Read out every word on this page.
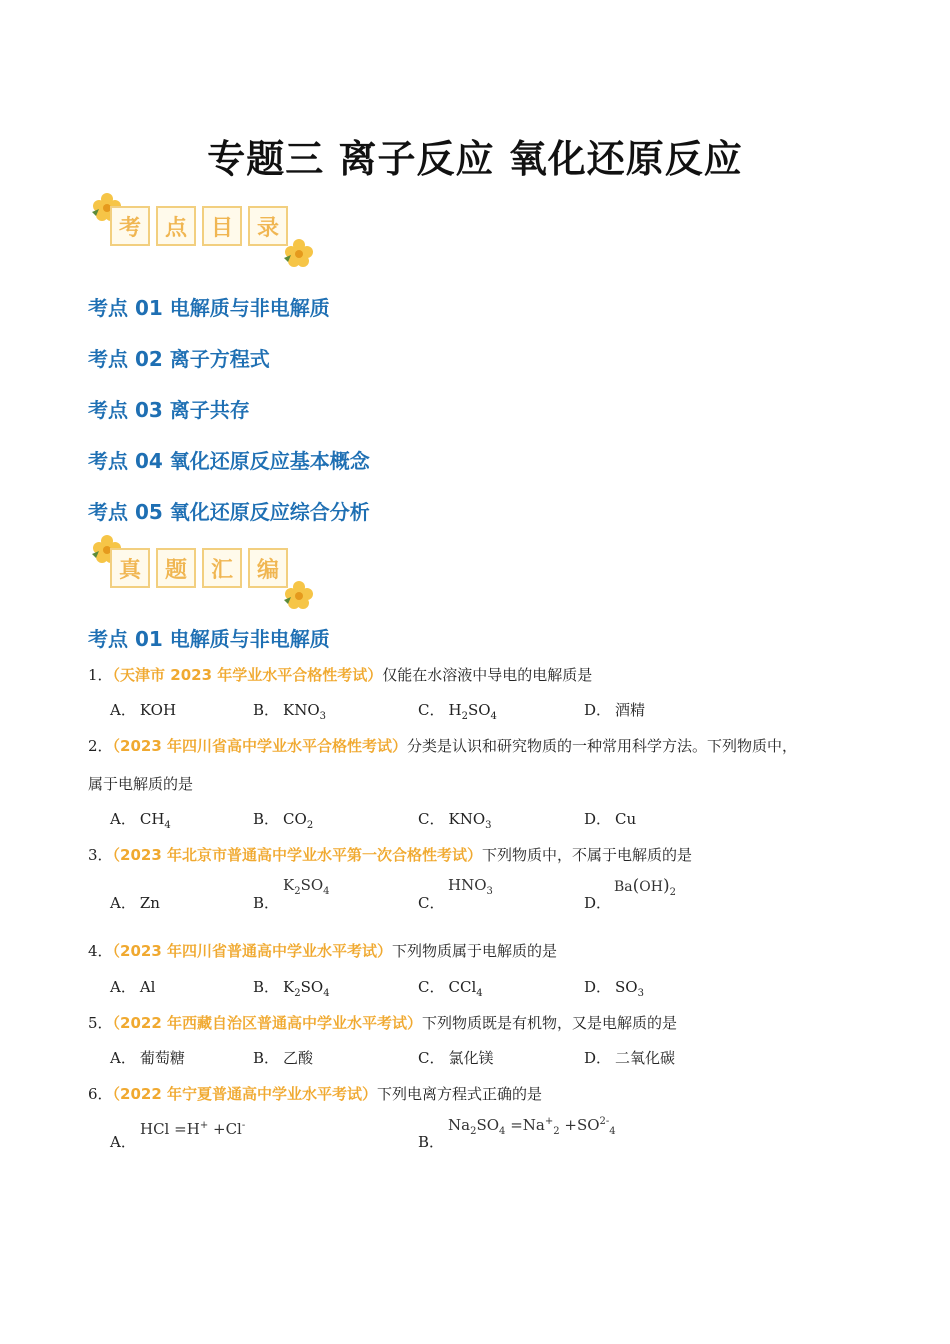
专题三 离子反应 氧化还原反应
考	点	目	录
考点 01 电解质与非电解质
考点 02 离子方程式
考点 03 离子共存
考点 04 氧化还原反应基本概念
考点 05 氧化还原反应综合分析
真	题	汇	编
考点 01 电解质与非电解质
1．（天津市 2023 年学业水平合格性考试）仅能在水溶液中导电的电解质是
A． KOH	B． $KNO_3$	C． $H_2SO_4$	D． 酒精
2．（2023 年四川省高中学业水平合格性考试）分类是认识和研究物质的一种常用科学方法。下列物质中，
属于电解质的是
A． $CH_4$	B． $CO_2$	C． $KNO_3$	D． Cu
3．（2023 年北京市普通高中学业水平第一次合格性考试）下列物质中，不属于电解质的是
A． Zn	B．
$K_2SO_4$
C．
$HNO_3$
D．
$Ba(OH)_2$
4．（2023 年四川省普通高中学业水平考试）下列物质属于电解质的是
A． Al	B． $K_2SO_4$	C． CCl$_4$	D． $SO_3$
5．（2022 年西藏自治区普通高中学业水平考试）下列物质既是有机物，又是电解质的是
A． 葡萄糖	B． 乙酸	C． 氯化镁	D． 二氧化碳
6．（2022 年宁夏普通高中学业水平考试）下列电离方程式正确的是
A．
HCl =H+ +Cl-
B．
$Na_2SO_4 =Na^+_2 +SO^{2-}_4$
